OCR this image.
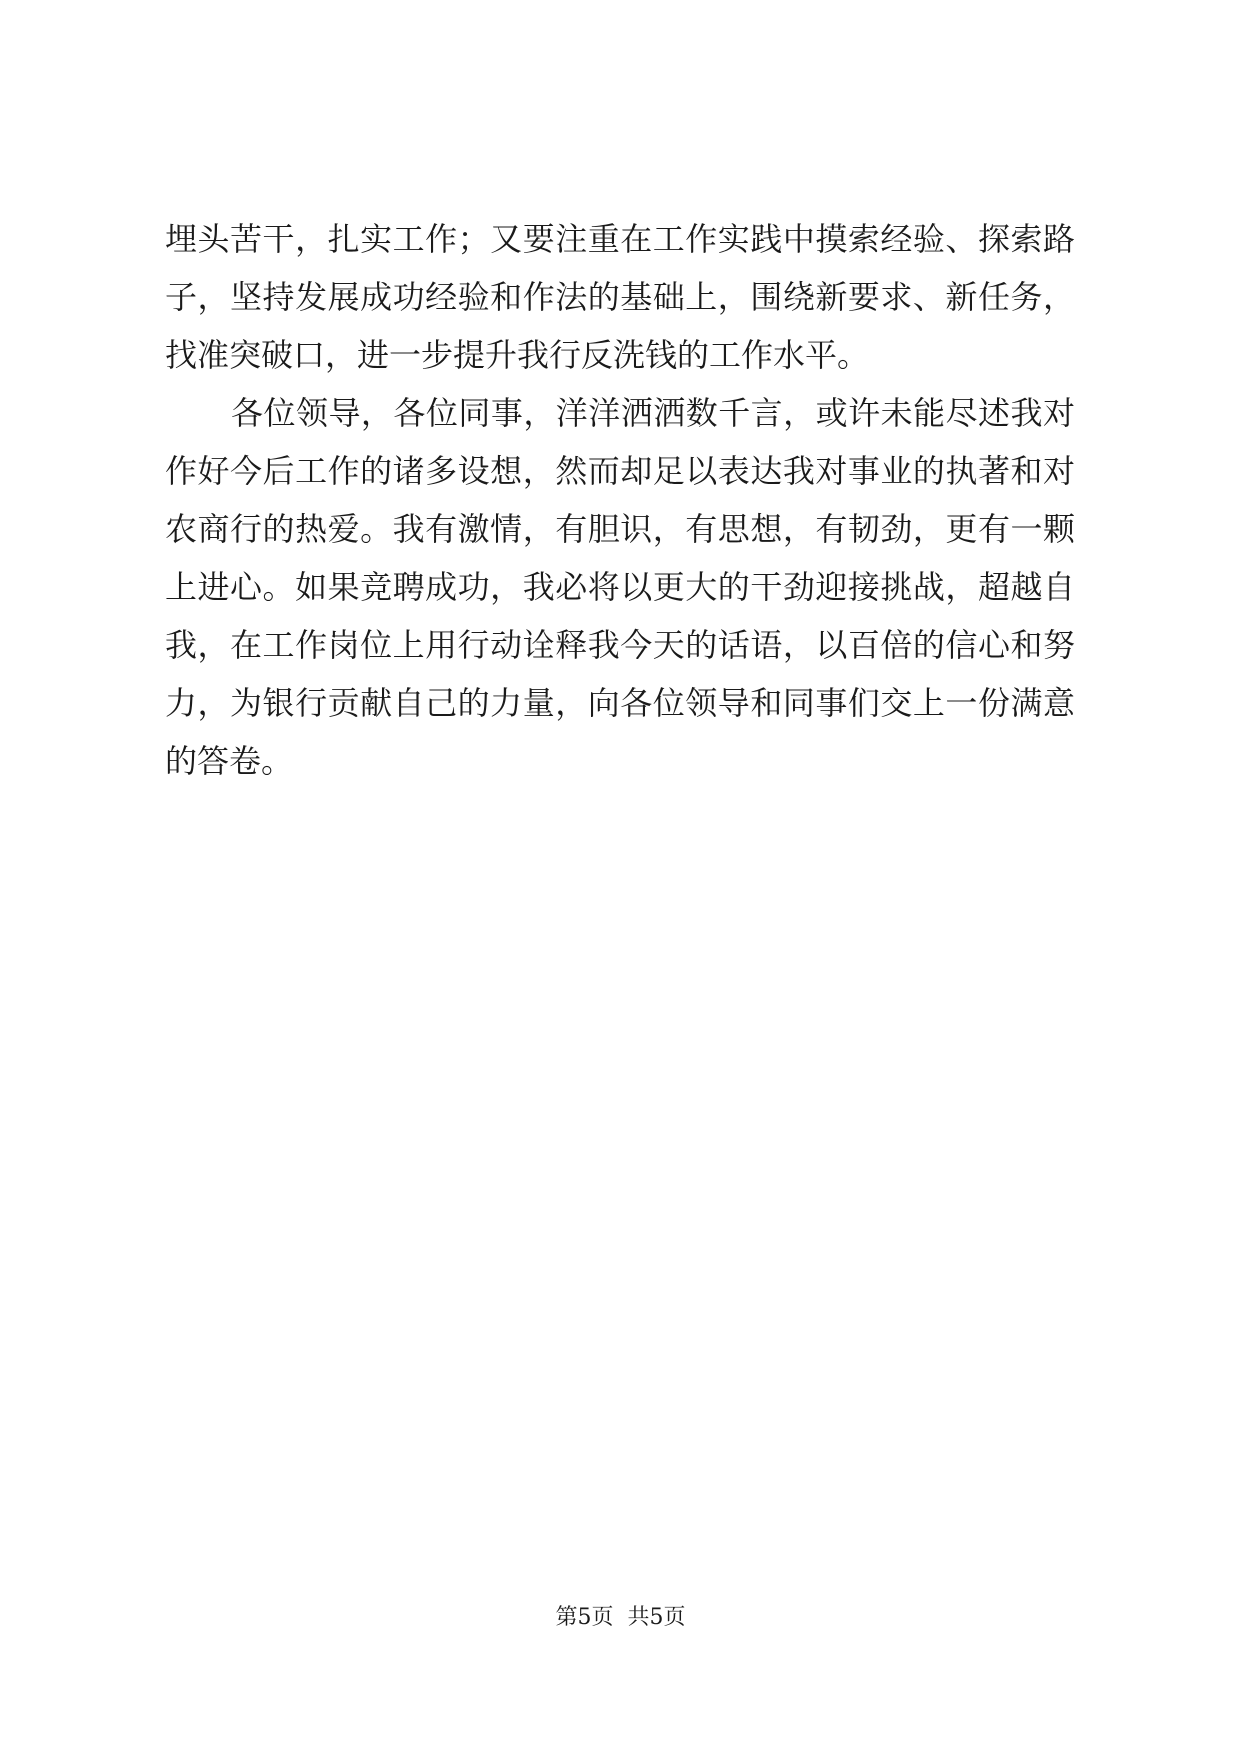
埋头苦干，扎实工作；又要注重在工作实践中摸索经验、探索路
子，坚持发展成功经验和作法的基础上，围绕新要求、新任务，
找准突破口，进一步提升我行反洗钱的工作水平。
各位领导，各位同事，洋洋洒洒数千言，或许未能尽述我对
作好今后工作的诸多设想，然而却足以表达我对事业的执著和对
农商行的热爱。我有激情，有胆识，有思想，有韧劲，更有一颗
上进心。如果竞聘成功，我必将以更大的干劲迎接挑战，超越自
我，在工作岗位上用行动诠释我今天的话语，以百倍的信心和努
力，为银行贡献自己的力量，向各位领导和同事们交上一份满意
的答卷。
第5页 共5页
